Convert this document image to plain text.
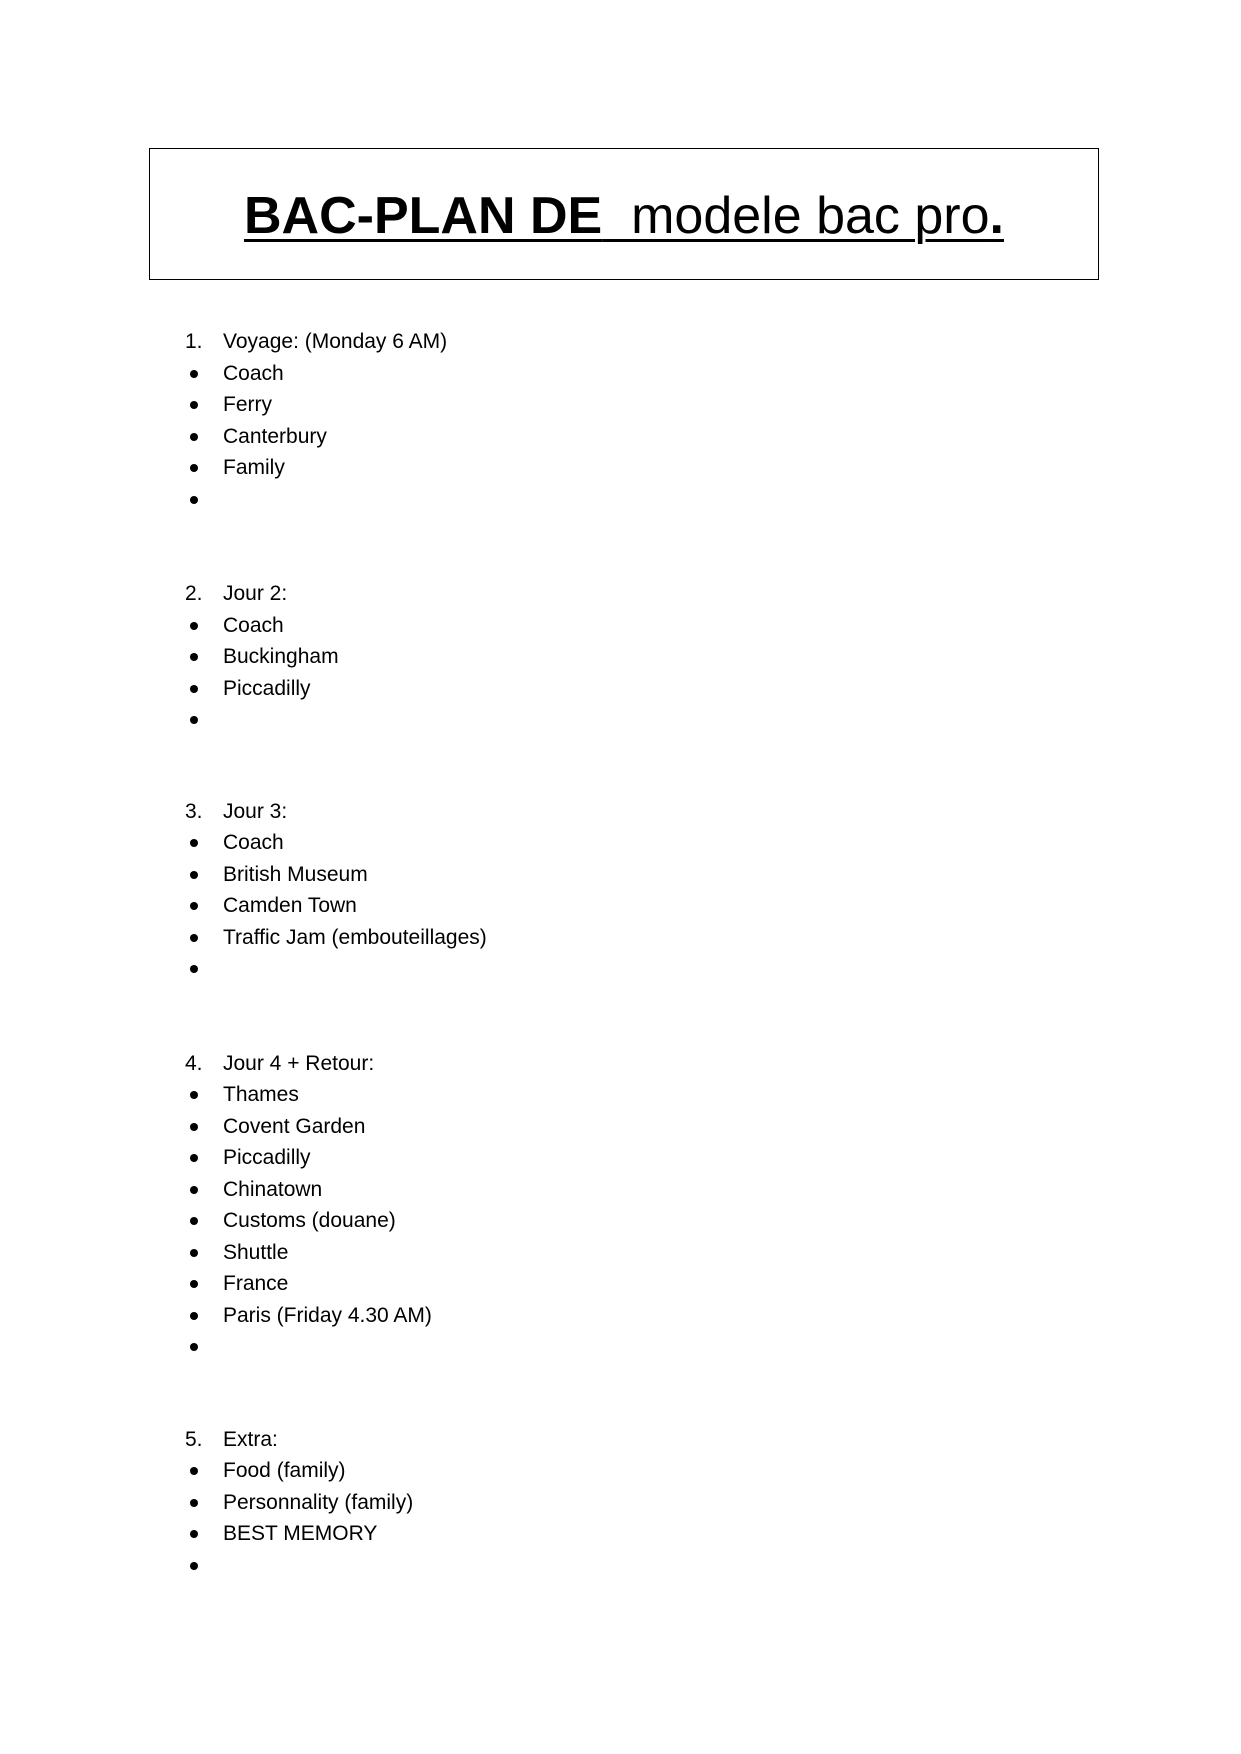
BAC-PLAN DE  modele bac pro.
1. Voyage: (Monday 6 AM)
Coach
Ferry
Canterbury
Family
2. Jour 2:
Coach
Buckingham
Piccadilly
3. Jour 3:
Coach
British Museum
Camden Town
Traffic Jam (embouteillages)
4. Jour 4 + Retour:
Thames
Covent Garden
Piccadilly
Chinatown
Customs (douane)
Shuttle
France
Paris (Friday 4.30 AM)
5. Extra:
Food (family)
Personnality (family)
BEST MEMORY
